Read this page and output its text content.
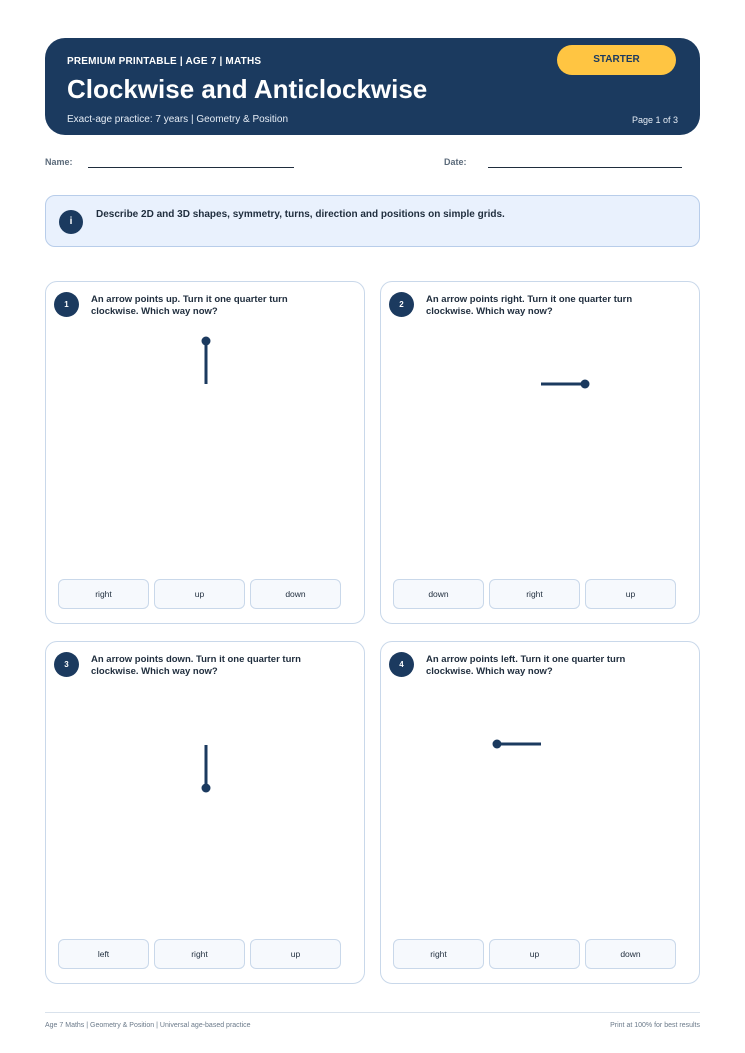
PREMIUM PRINTABLE | AGE 7 | MATHS
Clockwise and Anticlockwise
Exact-age practice: 7 years | Geometry & Position	Page 1 of 3
STARTER
Name:	Date:
i
Describe 2D and 3D shapes, symmetry, turns, direction and positions on simple grids.
1	An arrow points up. Turn it one quarter turn clockwise. Which way now?
right	up	down
2	An arrow points right. Turn it one quarter turn clockwise. Which way now?
down	right	up
3	An arrow points down. Turn it one quarter turn clockwise. Which way now?
left	right	up
4	An arrow points left. Turn it one quarter turn clockwise. Which way now?
right	up	down
Age 7 Maths | Geometry & Position | Universal age-based practice	Print at 100% for best results
